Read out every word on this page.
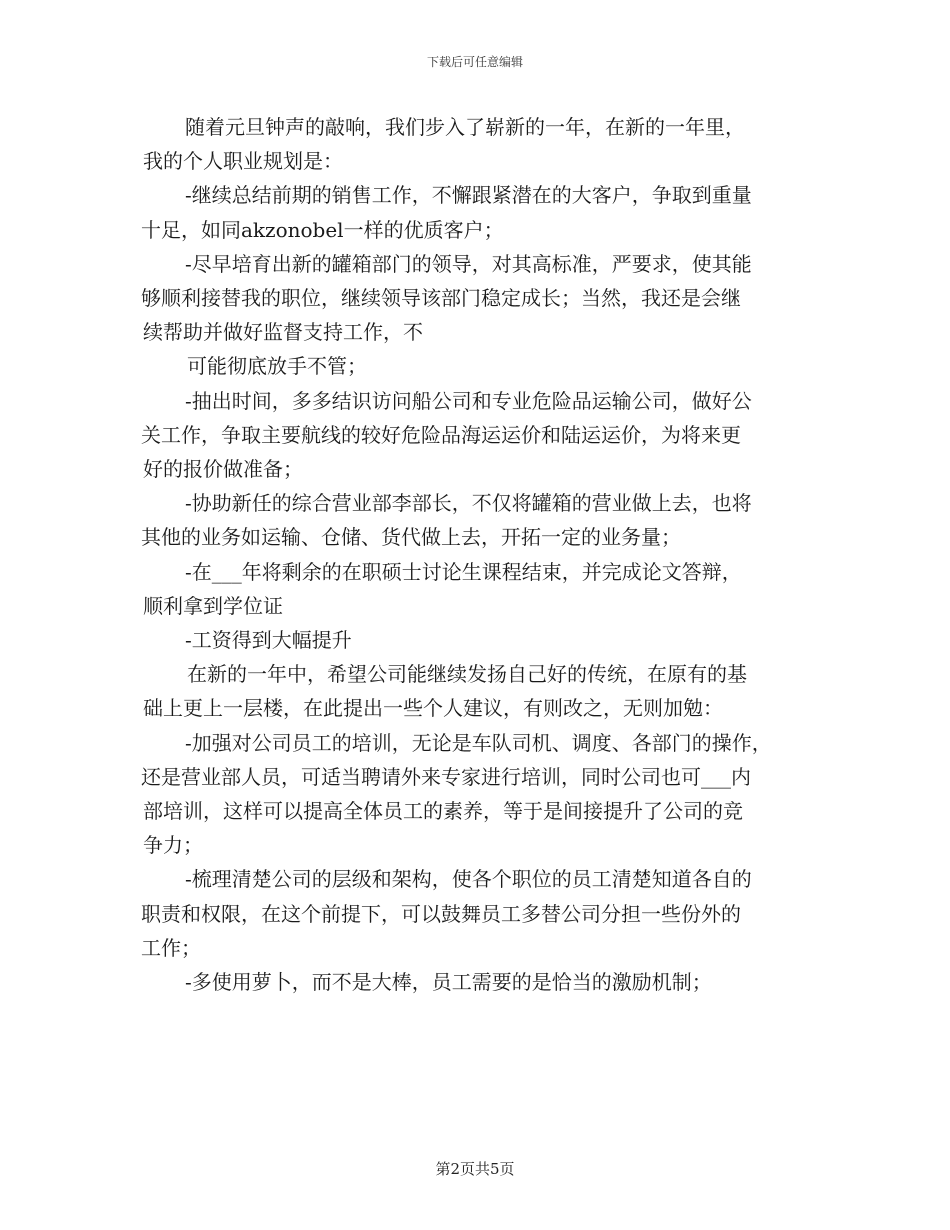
下载后可任意编辑

随着元旦钟声的敲响，我们步入了崭新的一年，在新的一年里，

我的个人职业规划是：

-继续总结前期的销售工作，不懈跟紧潜在的大客户，争取到重量

十足，如同akzonobel一样的优质客户；

-尽早培育出新的罐箱部门的领导，对其高标准，严要求，使其能

够顺利接替我的职位，继续领导该部门稳定成长；当然，我还是会继

续帮助并做好监督支持工作，不

可能彻底放手不管；

-抽出时间，多多结识访问船公司和专业危险品运输公司，做好公

关工作，争取主要航线的较好危险品海运运价和陆运运价，为将来更

好的报价做准备；

-协助新任的综合营业部李部长，不仅将罐箱的营业做上去，也将

其他的业务如运输、仓储、货代做上去，开拓一定的业务量；

-在___年将剩余的在职硕士讨论生课程结束，并完成论文答辩，

顺利拿到学位证

-工资得到大幅提升

在新的一年中，希望公司能继续发扬自己好的传统，在原有的基

础上更上一层楼，在此提出一些个人建议，有则改之，无则加勉：

-加强对公司员工的培训，无论是车队司机、调度、各部门的操作，

还是营业部人员，可适当聘请外来专家进行培训，同时公司也可___内

部培训，这样可以提高全体员工的素养，等于是间接提升了公司的竞

争力；

-梳理清楚公司的层级和架构，使各个职位的员工清楚知道各自的

职责和权限，在这个前提下，可以鼓舞员工多替公司分担一些份外的

工作；

-多使用萝卜，而不是大棒，员工需要的是恰当的激励机制；

第2页共5页
